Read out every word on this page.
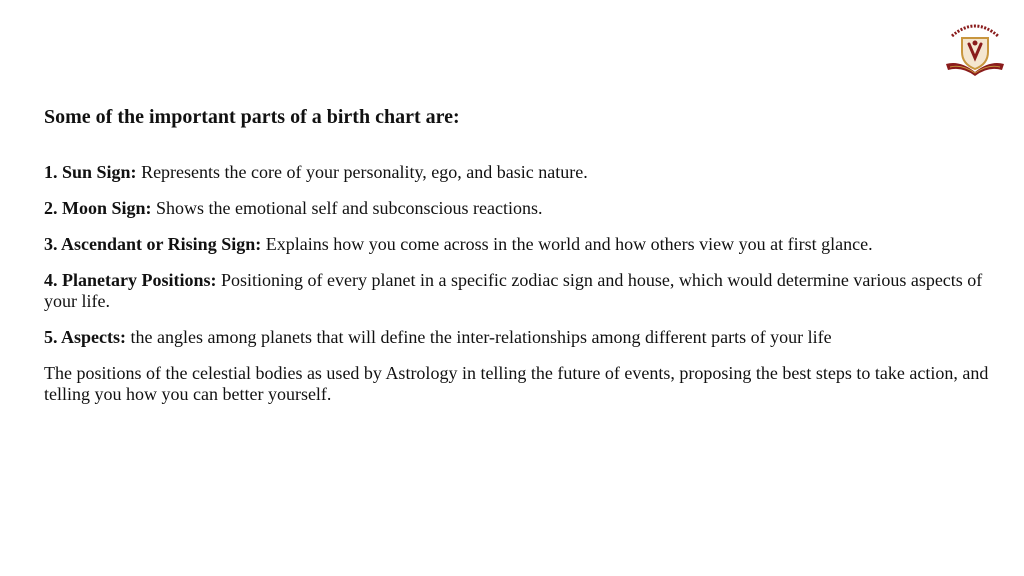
Some of the important parts of a birth chart are:
1. Sun Sign: Represents the core of your personality, ego, and basic nature.
2. Moon Sign: Shows the emotional self and subconscious reactions.
3. Ascendant or Rising Sign: Explains how you come across in the world and how others view you at first glance.
4. Planetary Positions: Positioning of every planet in a specific zodiac sign and house, which would determine various aspects of your life.
5. Aspects: the angles among planets that will define the inter-relationships among different parts of your life

The positions of the celestial bodies as used by Astrology in telling the future of events, proposing the best steps to take action, and telling you how you can better yourself.
